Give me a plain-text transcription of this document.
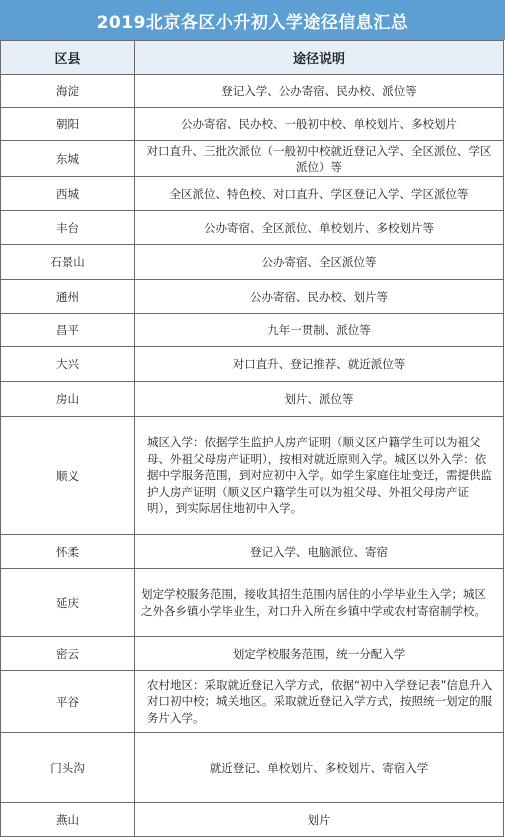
2019北京各区小升初入学途径信息汇总
区县	途径说明
海淀	登记入学、公办寄宿、民办校、派位等
朝阳	公办寄宿、民办校、一般初中校、单校划片、多校划片
东城	对口直升、三批次派位（一般初中校就近登记入学、全区派位、学区派位）等
西城	全区派位、特色校、对口直升、学区登记入学、学区派位等
丰台	公办寄宿、全区派位、单校划片、多校划片等
石景山	公办寄宿、全区派位等
通州	公办寄宿、民办校、划片等
昌平	九年一贯制、派位等
大兴	对口直升、登记推荐、就近派位等
房山	划片、派位等
顺义	城区入学：依据学生监护人房产证明（顺义区户籍学生可以为祖父母、外祖父母房产证明），按相对就近原则入学。城区以外入学：依据中学服务范围，到对应初中入学。如学生家庭住址变迁，需提供监护人房产证明（顺义区户籍学生可以为祖父母、外祖父母房产证明），到实际居住地初中入学。
怀柔	登记入学、电脑派位、寄宿
延庆	划定学校服务范围，接收其招生范围内居住的小学毕业生入学；城区之外各乡镇小学毕业生，对口升入所在乡镇中学或农村寄宿制学校。
密云	划定学校服务范围，统一分配入学
平谷	农村地区：采取就近登记入学方式，依据“初中入学登记表”信息升入对口初中校；城关地区。采取就近登记入学方式，按照统一划定的服务片入学。
门头沟	就近登记、单校划片、多校划片、寄宿入学
燕山	划片
